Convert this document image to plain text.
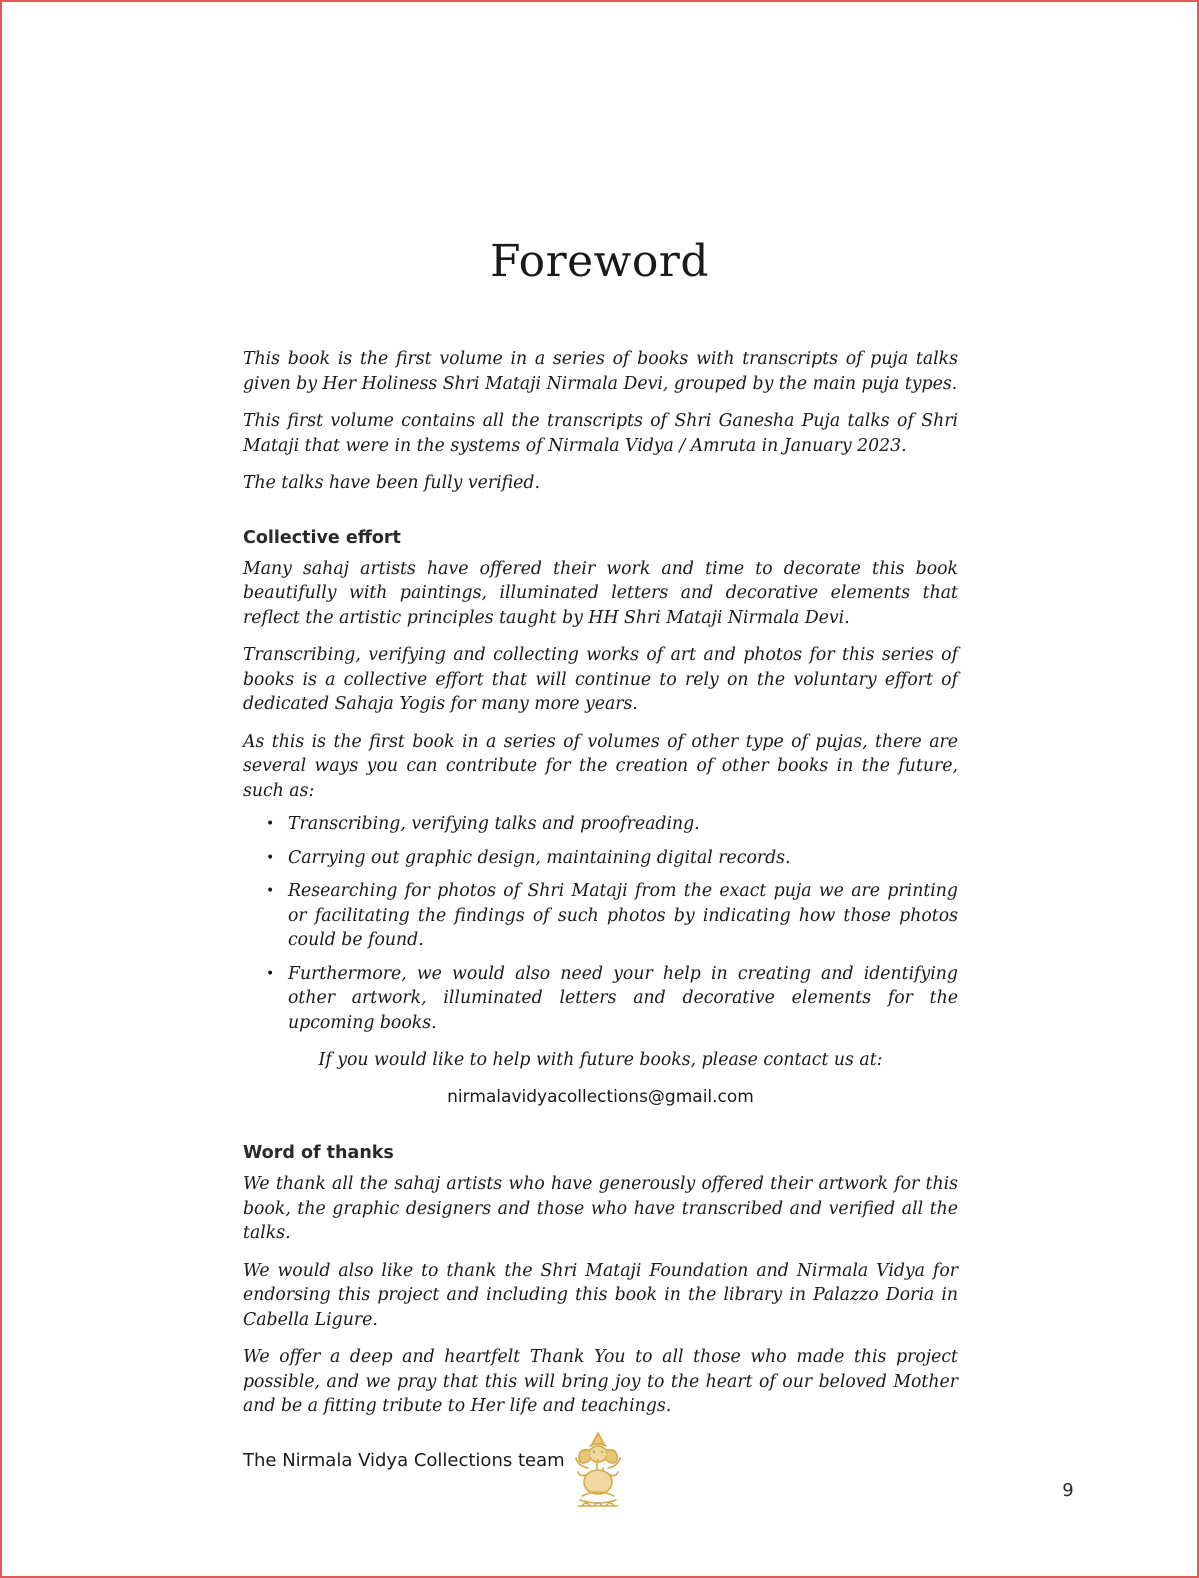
Foreword

This book is the first volume in a series of books with transcripts of puja talks given by Her Holiness Shri Mataji Nirmala Devi, grouped by the main puja types.

This first volume contains all the transcripts of Shri Ganesha Puja talks of Shri Mataji that were in the systems of Nirmala Vidya / Amruta in January 2023.

The talks have been fully verified.

Collective effort

Many sahaj artists have offered their work and time to decorate this book beautifully with paintings, illuminated letters and decorative elements that reflect the artistic principles taught by HH Shri Mataji Nirmala Devi.

Transcribing, verifying and collecting works of art and photos for this series of books is a collective effort that will continue to rely on the voluntary effort of dedicated Sahaja Yogis for many more years.

As this is the first book in a series of volumes of other type of pujas, there are several ways you can contribute for the creation of other books in the future, such as:

• Transcribing, verifying talks and proofreading.
• Carrying out graphic design, maintaining digital records.
• Researching for photos of Shri Mataji from the exact puja we are printing or facilitating the findings of such photos by indicating how those photos could be found.
• Furthermore, we would also need your help in creating and identifying other artwork, illuminated letters and decorative elements for the upcoming books.

If you would like to help with future books, please contact us at:

nirmalavidyacollections@gmail.com

Word of thanks

We thank all the sahaj artists who have generously offered their artwork for this book, the graphic designers and those who have transcribed and verified all the talks.

We would also like to thank the Shri Mataji Foundation and Nirmala Vidya for endorsing this project and including this book in the library in Palazzo Doria in Cabella Ligure.

We offer a deep and heartfelt Thank You to all those who made this project possible, and we pray that this will bring joy to the heart of our beloved Mother and be a fitting tribute to Her life and teachings.

The Nirmala Vidya Collections team

9
